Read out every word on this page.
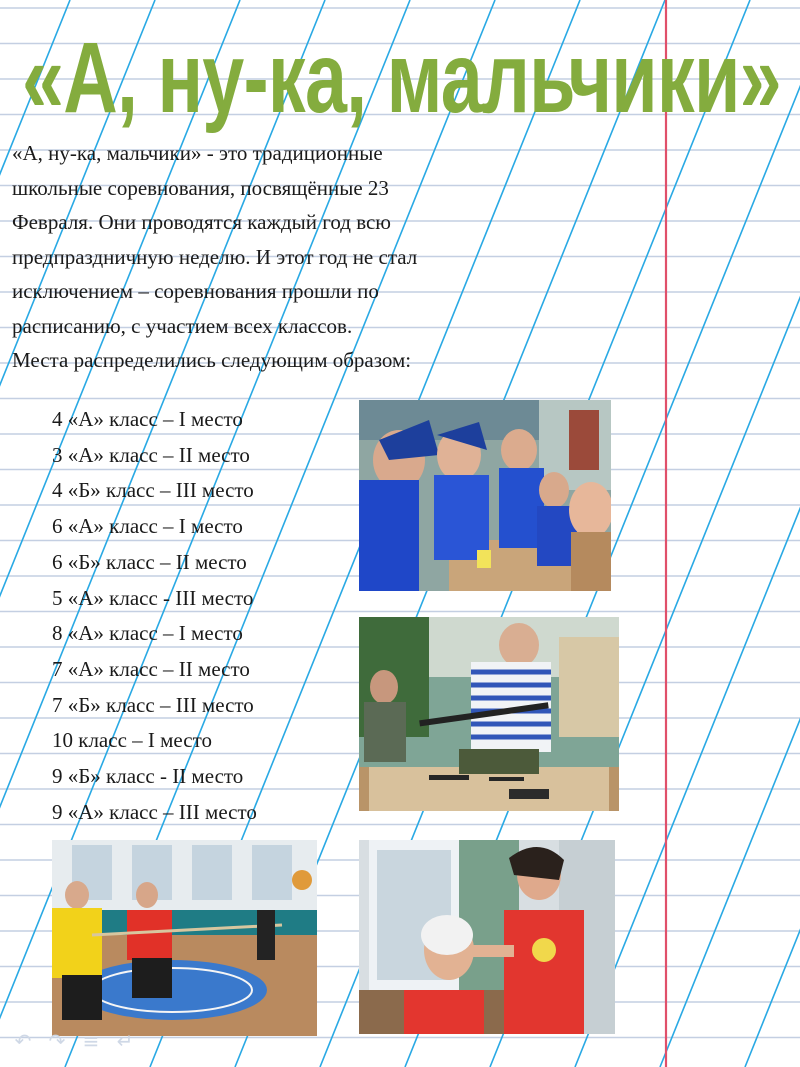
«А, ну-ка, мальчики»
«А, ну-ка, мальчики» - это традиционные
школьные соревнования, посвящённые 23
Февраля. Они проводятся каждый год всю
предпраздничную неделю. И этот год не стал
исключением – соревнования прошли по
расписанию, с участием всех классов.
Места распределились следующим образом:
4 «А» класс – I место
3 «А» класс – II место
4 «Б» класс – III место
6 «А» класс – I место
6 «Б» класс – II место
5 «А» класс - III место
8 «А» класс – I место
7 «А» класс – II место
7 «Б» класс – III место
10 класс – I место
9 «Б» класс - II место
9 «А» класс – III место
↶ ↷ ≡ ↵
